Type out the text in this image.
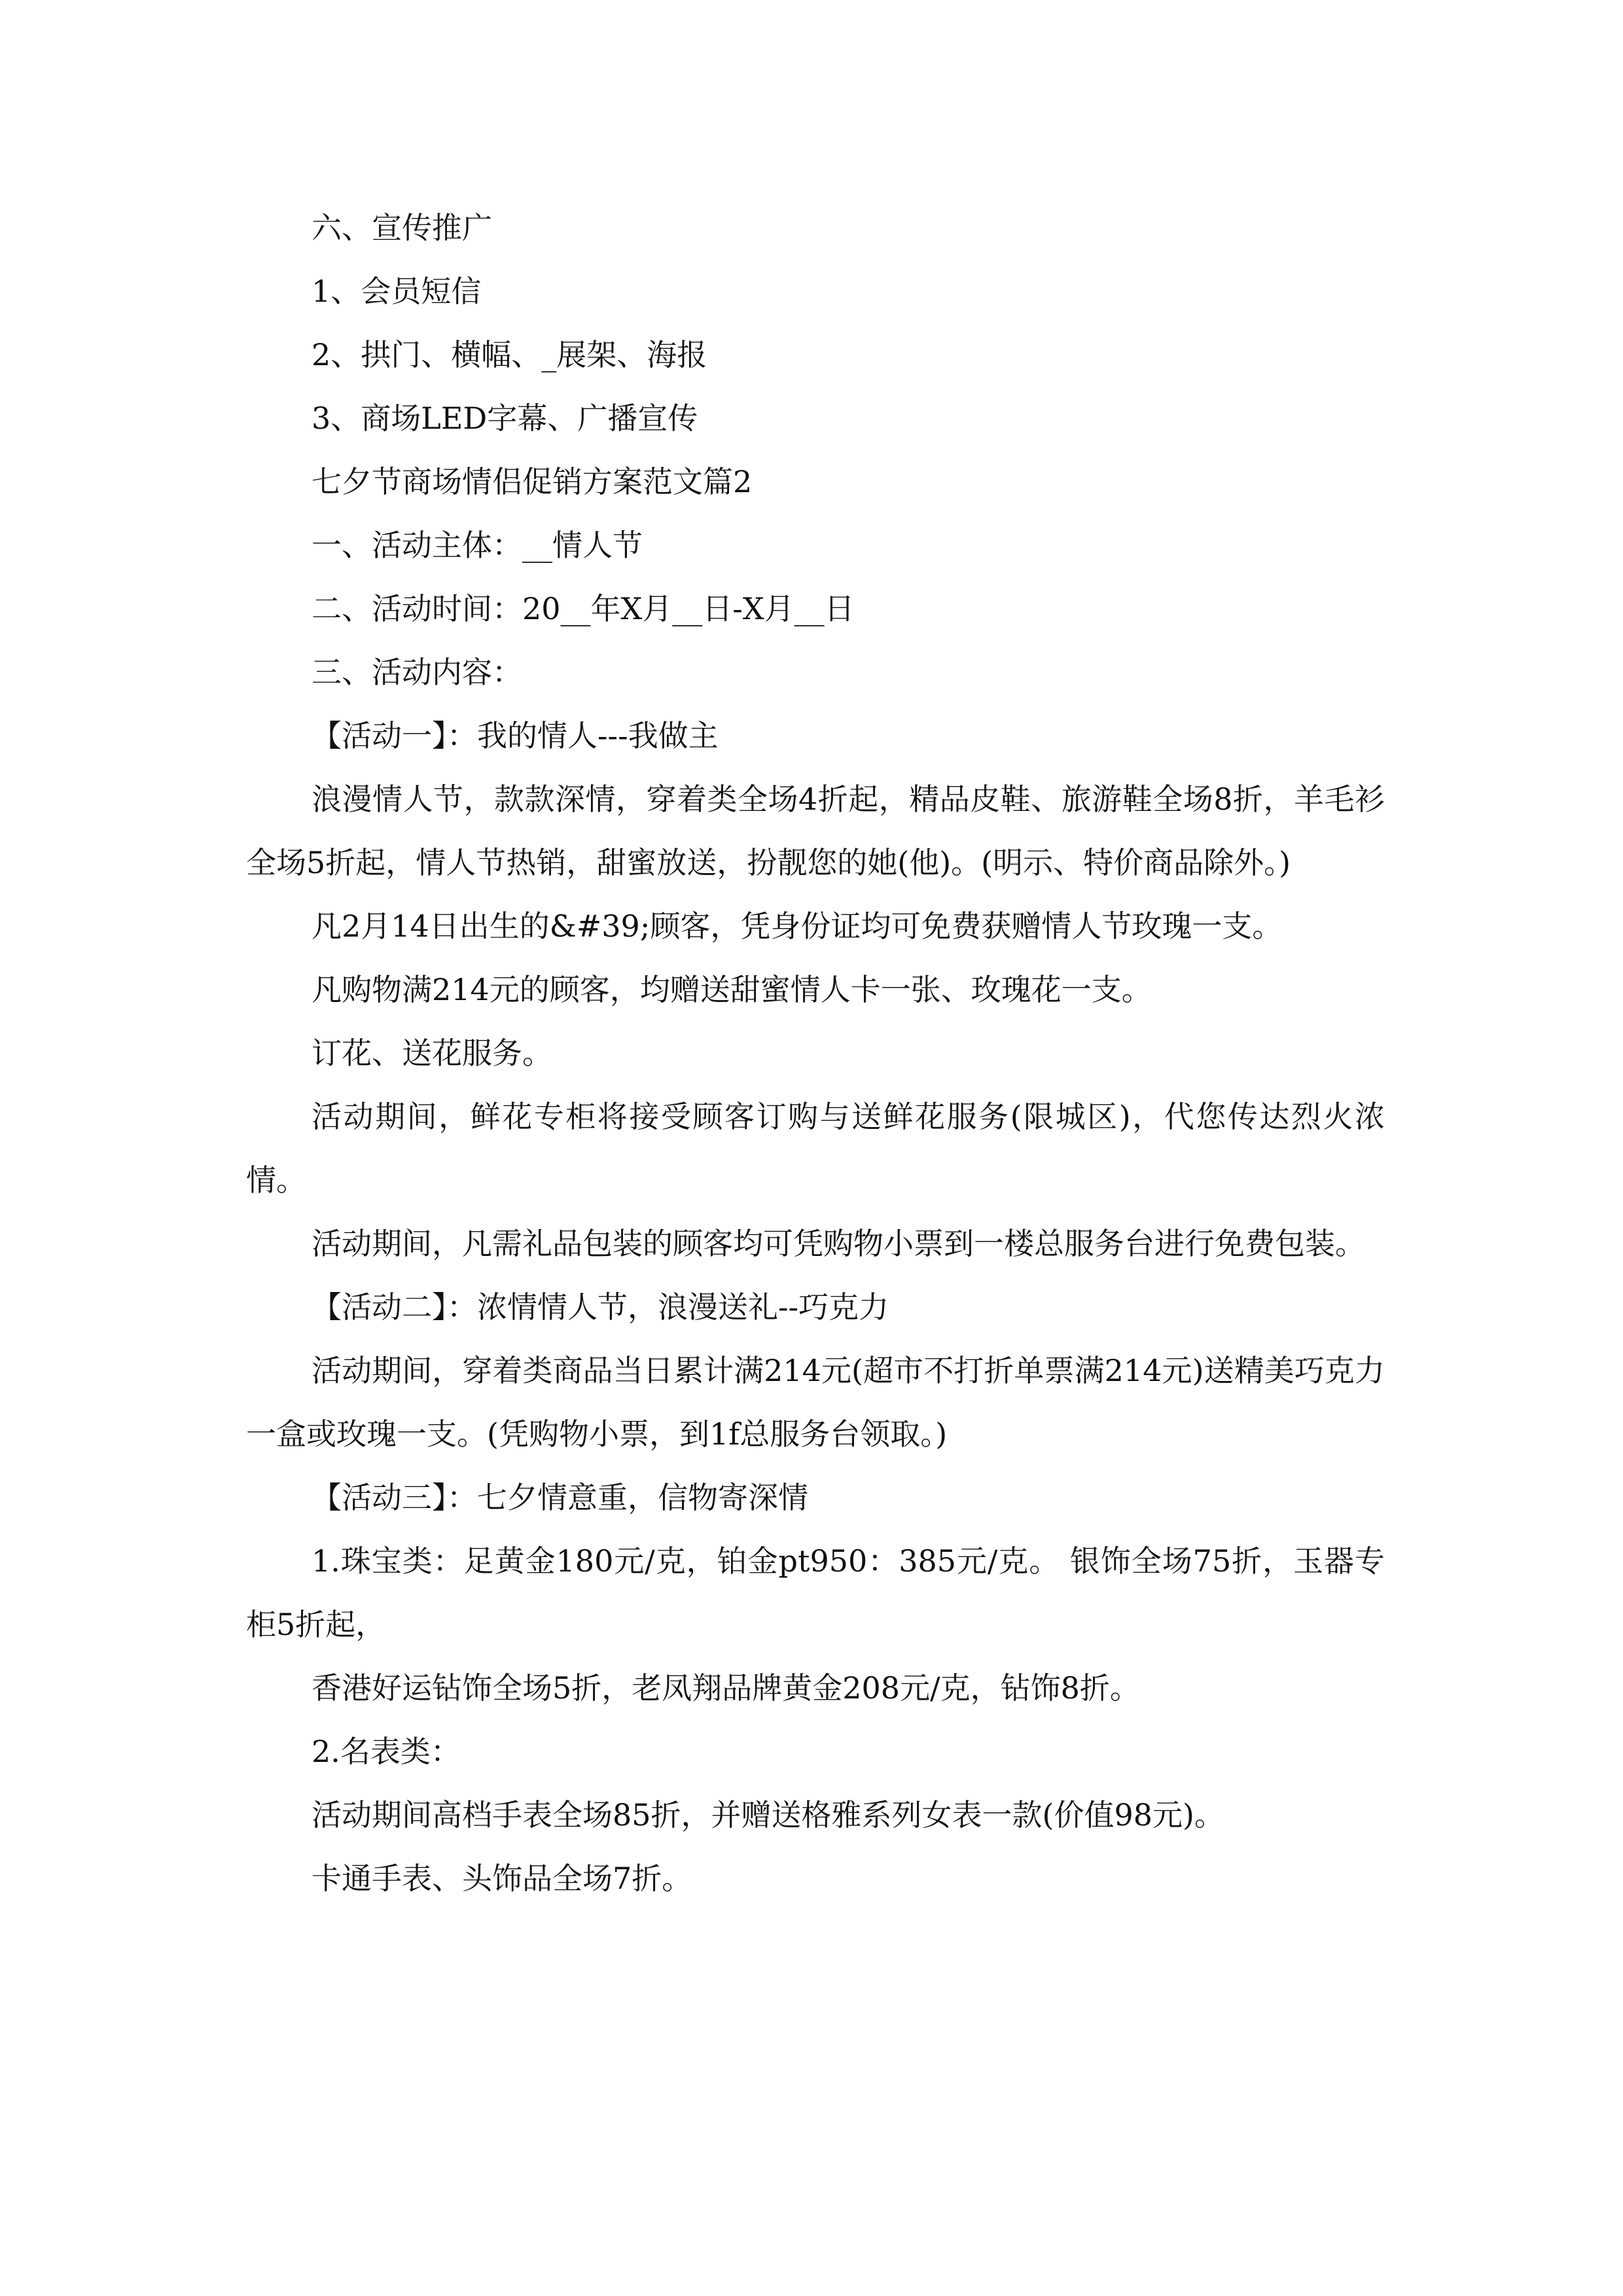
六、宣传推广

1、会员短信

2、拱门、横幅、_展架、海报

3、商场LED字幕、广播宣传

七夕节商场情侣促销方案范文篇2

一、活动主体：__情人节

二、活动时间：20__年X月__日-X月__日

三、活动内容：

【活动一】：我的情人---我做主

浪漫情人节，款款深情，穿着类全场4折起，精品皮鞋、旅游鞋全场8折，羊毛衫全场5折起，情人节热销，甜蜜放送，扮靓您的她(他)。(明示、特价商品除外。)

凡2月14日出生的&#39;顾客，凭身份证均可免费获赠情人节玫瑰一支。

凡购物满214元的顾客，均赠送甜蜜情人卡一张、玫瑰花一支。

订花、送花服务。

活动期间，鲜花专柜将接受顾客订购与送鲜花服务(限城区)，代您传达烈火浓情。

活动期间，凡需礼品包装的顾客均可凭购物小票到一楼总服务台进行免费包装。

【活动二】：浓情情人节，浪漫送礼--巧克力

活动期间，穿着类商品当日累计满214元(超市不打折单票满214元)送精美巧克力一盒或玫瑰一支。(凭购物小票，到1f总服务台领取。)

【活动三】：七夕情意重，信物寄深情

1.珠宝类：足黄金180元/克，铂金pt950：385元/克。 银饰全场75折，玉器专柜5折起，

香港好运钻饰全场5折，老凤翔品牌黄金208元/克，钻饰8折。

2.名表类：

活动期间高档手表全场85折，并赠送格雅系列女表一款(价值98元)。

卡通手表、头饰品全场7折。
